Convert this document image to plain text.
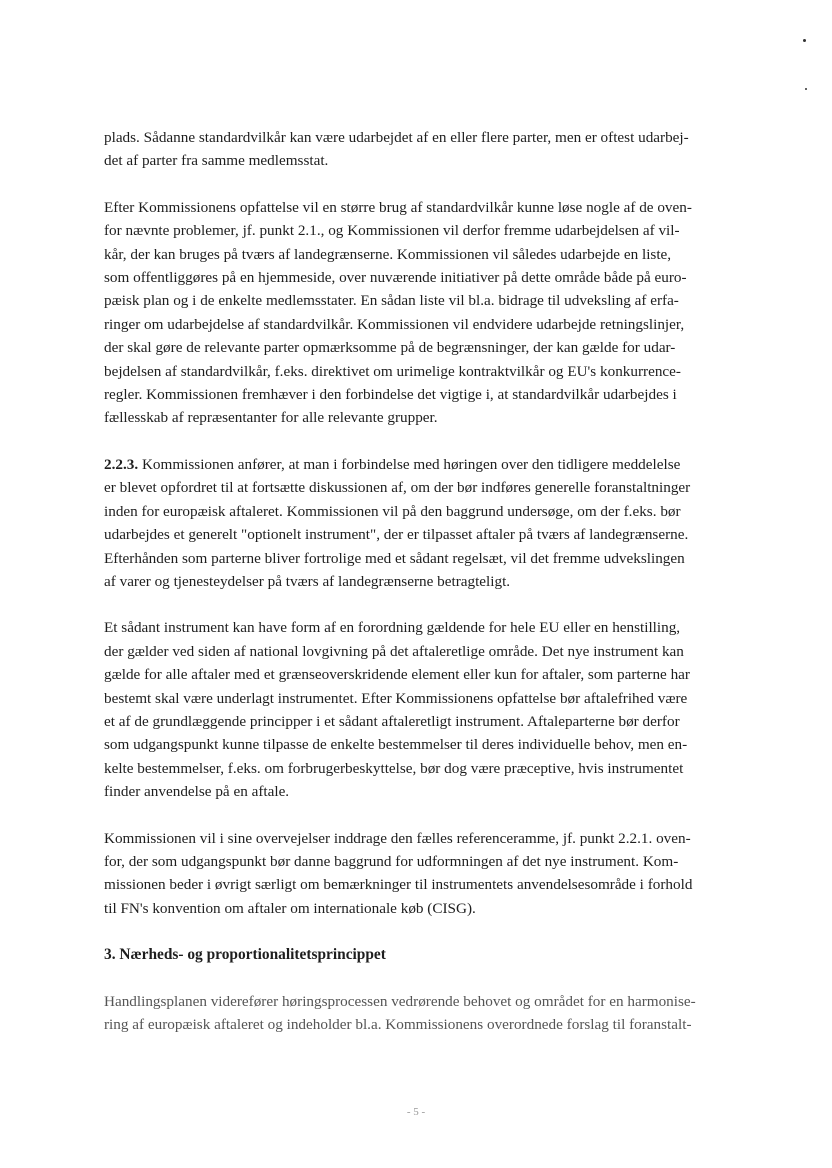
plads. Sådanne standardvilkår kan være udarbejdet af en eller flere parter, men er oftest udarbej-
det af parter fra samme medlemsstat.
Efter Kommissionens opfattelse vil en større brug af standardvilkår kunne løse nogle af de oven-
for nævnte problemer, jf. punkt 2.1., og Kommissionen vil derfor fremme udarbejdelsen af vil-
kår, der kan bruges på tværs af landegrænserne. Kommissionen vil således udarbejde en liste,
som offentliggøres på en hjemmeside, over nuværende initiativer på dette område både på euro-
pæisk plan og i de enkelte medlemsstater. En sådan liste vil bl.a. bidrage til udveksling af erfa-
ringer om udarbejdelse af standardvilkår. Kommissionen vil endvidere udarbejde retningslinjer,
der skal gøre de relevante parter opmærksomme på de begrænsninger, der kan gælde for udar-
bejdelsen af standardvilkår, f.eks. direktivet om urimelige kontraktvilkår og EU's konkurrence-
regler. Kommissionen fremhæver i den forbindelse det vigtige i, at standardvilkår udarbejdes i
fællesskab af repræsentanter for alle relevante grupper.
2.2.3. Kommissionen anfører, at man i forbindelse med høringen over den tidligere meddelelse
er blevet opfordret til at fortsætte diskussionen af, om der bør indføres generelle foranstaltninger
inden for europæisk aftaleret. Kommissionen vil på den baggrund undersøge, om der f.eks. bør
udarbejdes et generelt "optionelt instrument", der er tilpasset aftaler på tværs af landegrænserne.
Efterhånden som parterne bliver fortrolige med et sådant regelsæt, vil det fremme udvekslingen
af varer og tjenesteydelser på tværs af landegrænserne betragteligt.
Et sådant instrument kan have form af en forordning gældende for hele EU eller en henstilling,
der gælder ved siden af national lovgivning på det aftaleretlige område. Det nye instrument kan
gælde for alle aftaler med et grænseoverskridende element eller kun for aftaler, som parterne har
bestemt skal være underlagt instrumentet. Efter Kommissionens opfattelse bør aftalefrihed være
et af de grundlæggende principper i et sådant aftaleretligt instrument. Aftaleparterne bør derfor
som udgangspunkt kunne tilpasse de enkelte bestemmelser til deres individuelle behov, men en-
kelte bestemmelser, f.eks. om forbrugerbeskyttelse, bør dog være præceptive, hvis instrumentet
finder anvendelse på en aftale.
Kommissionen vil i sine overvejelser inddrage den fælles referenceramme, jf. punkt 2.2.1. oven-
for, der som udgangspunkt bør danne baggrund for udformningen af det nye instrument. Kom-
missionen beder i øvrigt særligt om bemærkninger til instrumentets anvendelsesområde i forhold
til FN's konvention om aftaler om internationale køb (CISG).
3. Nærheds- og proportionalitetsprincippet
Handlingsplanen viderefører høringsprocessen vedrørende behovet og området for en harmonise-
ring af europæisk aftaleret og indeholder bl.a. Kommissionens overordnede forslag til foranstalt-
- 5 -
